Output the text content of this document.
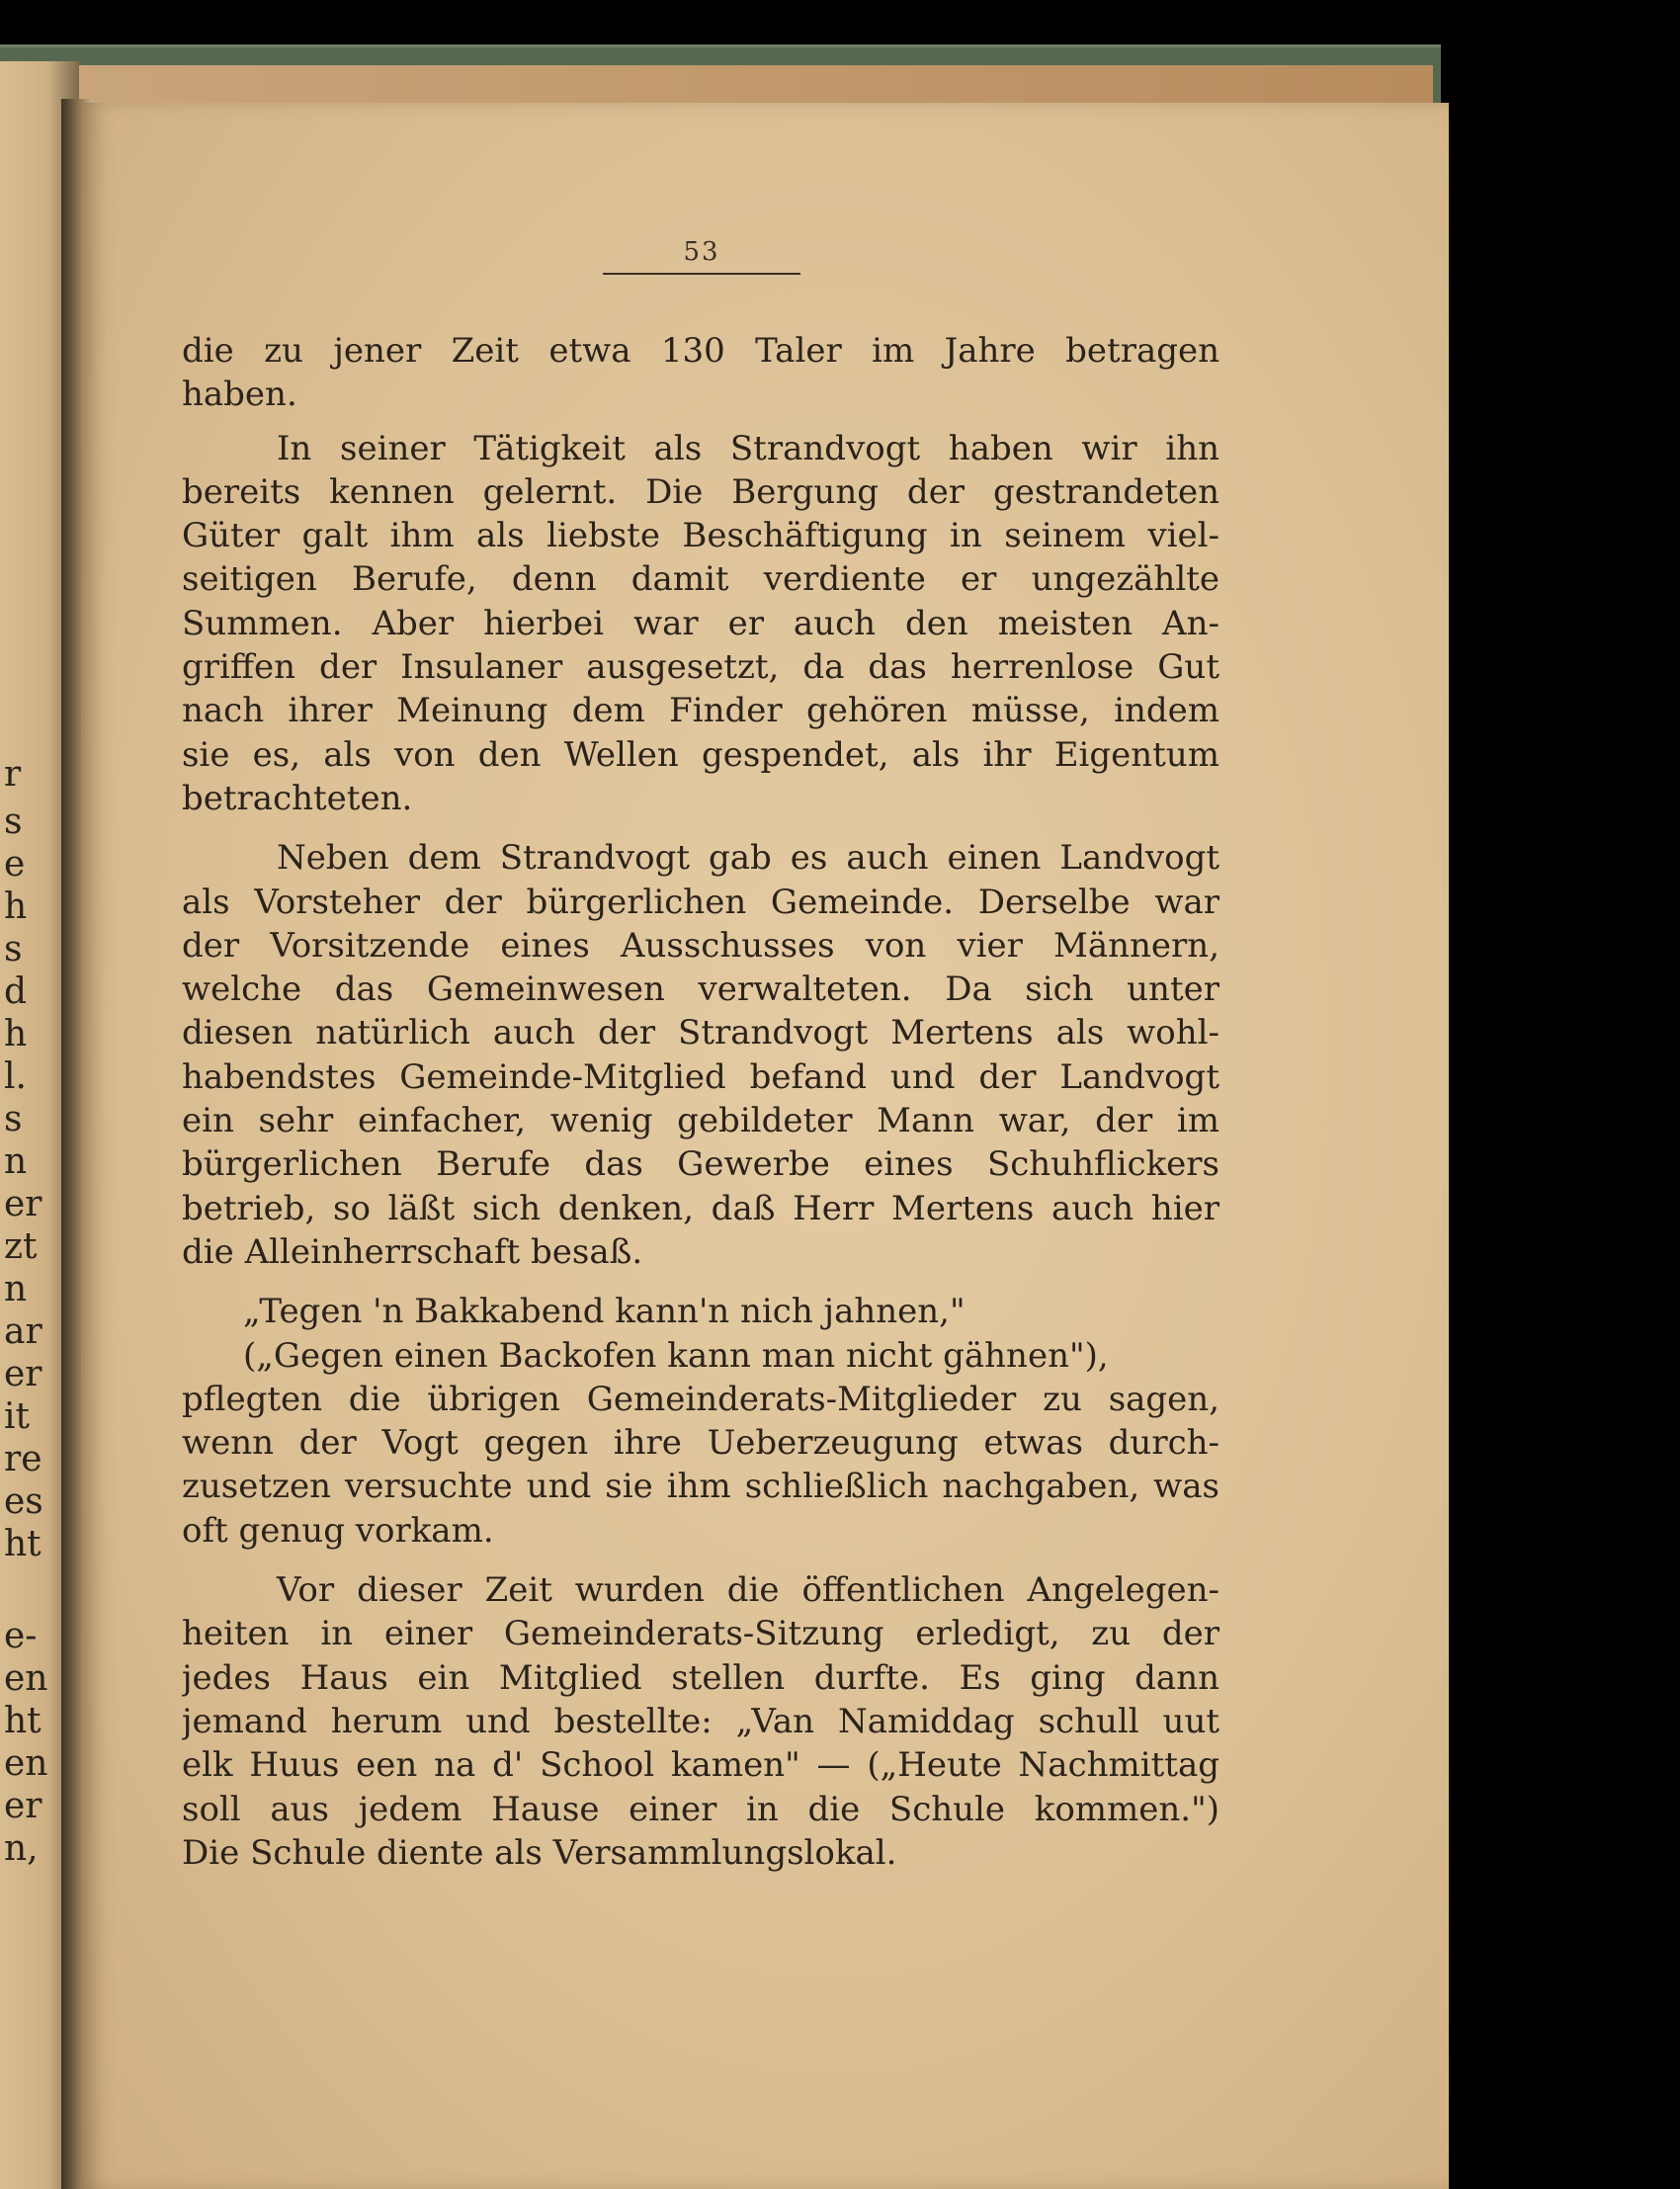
r
s
e
h
s
d
h
l.
s
n
er
zt
n
ar
er
it
re
es
ht
e-
en
ht
en
er
n,
53
die zu jener Zeit etwa 130 Taler im Jahre betragen
haben.
In seiner Tätigkeit als Strandvogt haben wir ihn
bereits kennen gelernt. Die Bergung der gestrandeten
Güter galt ihm als liebste Beschäftigung in seinem viel-
seitigen Berufe, denn damit verdiente er ungezählte
Summen. Aber hierbei war er auch den meisten An-
griffen der Insulaner ausgesetzt, da das herrenlose Gut
nach ihrer Meinung dem Finder gehören müsse, indem
sie es, als von den Wellen gespendet, als ihr Eigentum
betrachteten.
Neben dem Strandvogt gab es auch einen Landvogt
als Vorsteher der bürgerlichen Gemeinde. Derselbe war
der Vorsitzende eines Ausschusses von vier Männern,
welche das Gemeinwesen verwalteten. Da sich unter
diesen natürlich auch der Strandvogt Mertens als wohl-
habendstes Gemeinde-Mitglied befand und der Landvogt
ein sehr einfacher, wenig gebildeter Mann war, der im
bürgerlichen Berufe das Gewerbe eines Schuhflickers
betrieb, so läßt sich denken, daß Herr Mertens auch hier
die Alleinherrschaft besaß.
„Tegen 'n Bakkabend kann'n nich jahnen,"
(„Gegen einen Backofen kann man nicht gähnen"),
pflegten die übrigen Gemeinderats-Mitglieder zu sagen,
wenn der Vogt gegen ihre Ueberzeugung etwas durch-
zusetzen versuchte und sie ihm schließlich nachgaben, was
oft genug vorkam.
Vor dieser Zeit wurden die öffentlichen Angelegen-
heiten in einer Gemeinderats-Sitzung erledigt, zu der
jedes Haus ein Mitglied stellen durfte. Es ging dann
jemand herum und bestellte: „Van Namiddag schull uut
elk Huus een na d' School kamen" — („Heute Nachmittag
soll aus jedem Hause einer in die Schule kommen.")
Die Schule diente als Versammlungslokal.
